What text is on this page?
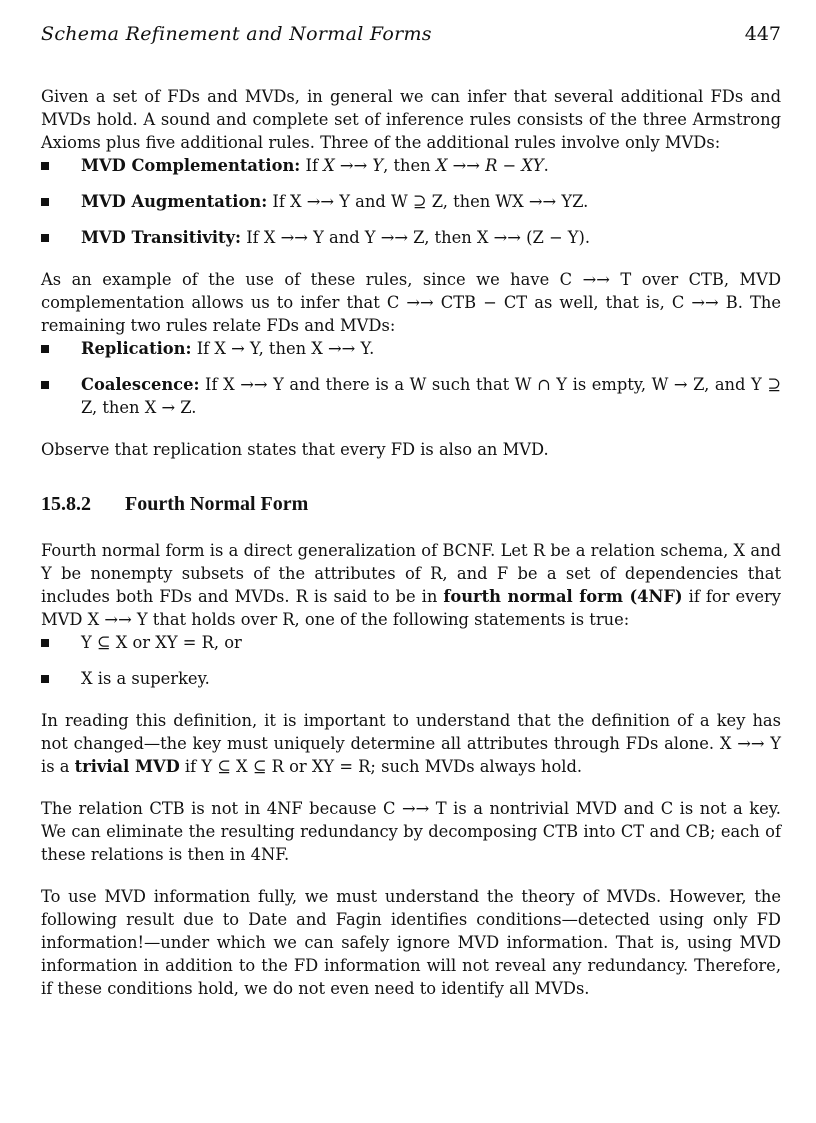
Schema Refinement and Normal Forms	447

Given a set of FDs and MVDs, in general we can infer that several additional FDs and MVDs hold. A sound and complete set of inference rules consists of the three Armstrong Axioms plus five additional rules. Three of the additional rules involve only MVDs:

MVD Complementation: If X →→ Y, then X →→ R − XY.
MVD Augmentation: If X →→ Y and W ⊇ Z, then WX →→ YZ.
MVD Transitivity: If X →→ Y and Y →→ Z, then X →→ (Z − Y).

As an example of the use of these rules, since we have C →→ T over CTB, MVD complementation allows us to infer that C →→ CTB − CT as well, that is, C →→ B. The remaining two rules relate FDs and MVDs:

Replication: If X → Y, then X →→ Y.
Coalescence: If X →→ Y and there is a W such that W ∩ Y is empty, W → Z, and Y ⊇ Z, then X → Z.

Observe that replication states that every FD is also an MVD.

15.8.2 Fourth Normal Form

Fourth normal form is a direct generalization of BCNF. Let R be a relation schema, X and Y be nonempty subsets of the attributes of R, and F be a set of dependencies that includes both FDs and MVDs. R is said to be in fourth normal form (4NF) if for every MVD X →→ Y that holds over R, one of the following statements is true:

Y ⊆ X or XY = R, or
X is a superkey.

In reading this definition, it is important to understand that the definition of a key has not changed—the key must uniquely determine all attributes through FDs alone. X →→ Y is a trivial MVD if Y ⊆ X ⊆ R or XY = R; such MVDs always hold.

The relation CTB is not in 4NF because C →→ T is a nontrivial MVD and C is not a key. We can eliminate the resulting redundancy by decomposing CTB into CT and CB; each of these relations is then in 4NF.

To use MVD information fully, we must understand the theory of MVDs. However, the following result due to Date and Fagin identifies conditions—detected using only FD information!—under which we can safely ignore MVD information. That is, using MVD information in addition to the FD information will not reveal any redundancy. Therefore, if these conditions hold, we do not even need to identify all MVDs.
